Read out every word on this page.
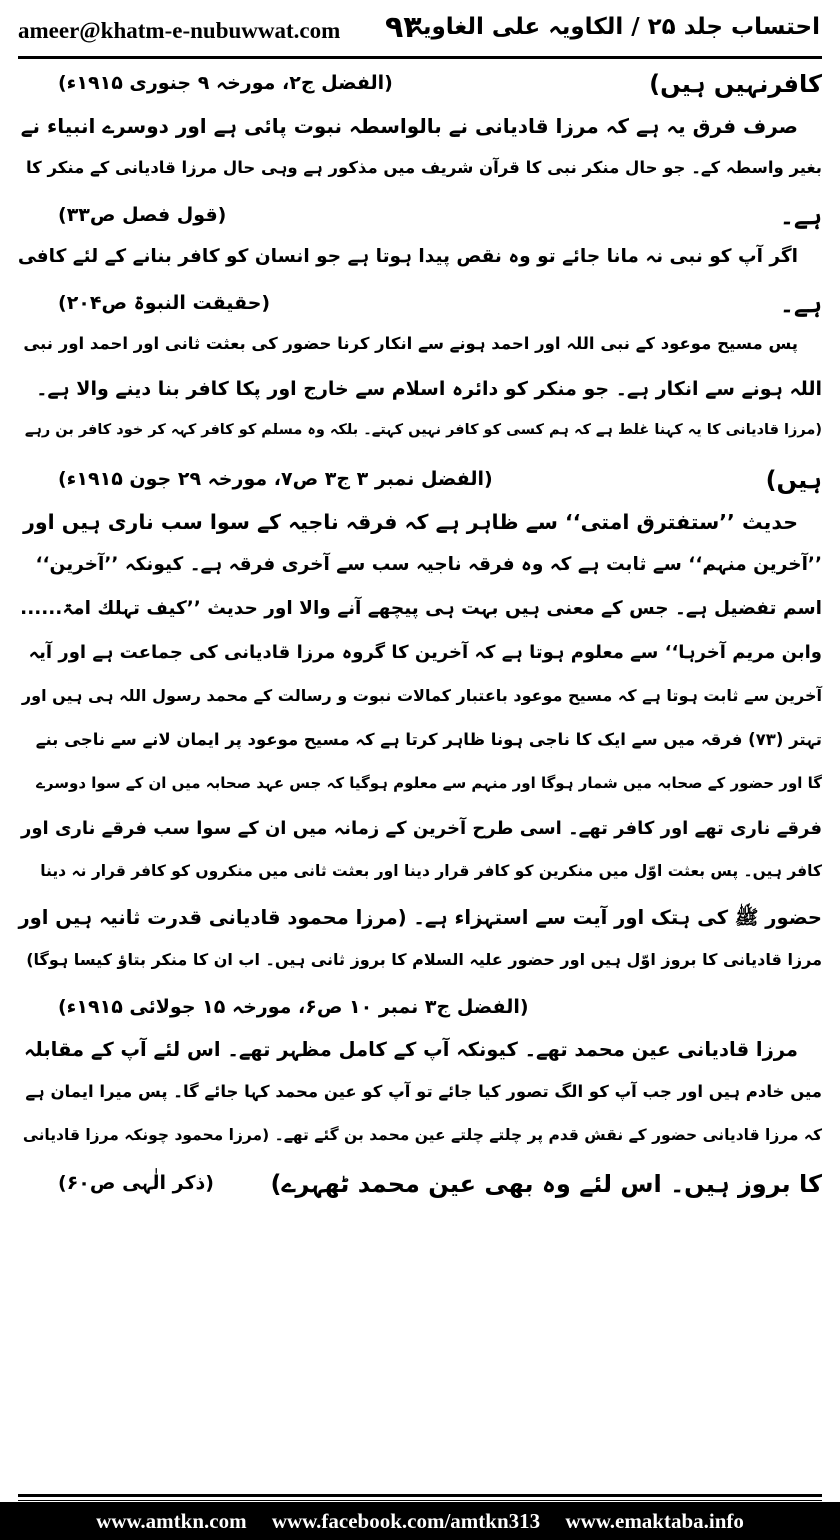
ameer@khatm-e-nubuwwat.com ۹۳
احتساب جلد ۲۵ / الکاویہ علی الغاویہ
کافرنہیں ہیں)
(الفضل ج۲، مورخہ ۹ جنوری ۱۹۱۵ء)
صرف فرق یہ ہے کہ مرزا قادیانی نے بالواسطہ نبوت پائی ہے اور دوسرے انبیاء نے
بغیر واسطہ کے۔ جو حال منکر نبی کا قرآن شریف میں مذکور ہے وہی حال مرزا قادیانی کے منکر کا
ہے۔
(قول فصل ص۳۳)
اگر آپ کو نبی نہ مانا جائے تو وہ نقص پیدا ہوتا ہے جو انسان کو کافر بنانے کے لئے کافی
ہے۔
(حقیقت النبوۃ ص۲۰۴)
پس مسیح موعود کے نبی اللہ اور احمد ہونے سے انکار کرنا حضور کی بعثت ثانی اور احمد اور نبی
اللہ ہونے سے انکار ہے۔ جو منکر کو دائرہ اسلام سے خارج اور پکا کافر بنا دینے والا ہے۔
(مرزا قادیانی کا یہ کہنا غلط ہے کہ ہم کسی کو کافر نہیں کہتے۔ بلکہ وہ مسلم کو کافر کہہ کر خود کافر بن رہے
ہیں)
(الفضل نمبر ۳ ج۳ ص۷، مورخہ ۲۹ جون ۱۹۱۵ء)
حدیث ’’ستفترق امتی‘‘ سے ظاہر ہے کہ فرقہ ناجیہ کے سوا سب ناری ہیں اور
’’آخرین منہم‘‘ سے ثابت ہے کہ وہ فرقہ ناجیہ سب سے آخری فرقہ ہے۔ کیونکہ ’’آخرین‘‘
اسم تفضیل ہے۔ جس کے معنی ہیں بہت ہی پیچھے آنے والا اور حدیث ’’کیف تہلك امۃ......
وابن مریم آخرہا‘‘ سے معلوم ہوتا ہے کہ آخرین کا گروہ مرزا قادیانی کی جماعت ہے اور آیہ
آخرین سے ثابت ہوتا ہے کہ مسیح موعود باعتبار کمالات نبوت و رسالت کے محمد رسول اللہ ہی ہیں اور
تہتر (۷۳) فرقہ میں سے ایک کا ناجی ہونا ظاہر کرتا ہے کہ مسیح موعود پر ایمان لانے سے ناجی بنے
گا اور حضور کے صحابہ میں شمار ہوگا اور منہم سے معلوم ہوگیا کہ جس عہد صحابہ میں ان کے سوا دوسرے
فرقے ناری تھے اور کافر تھے۔ اسی طرح آخرین کے زمانہ میں ان کے سوا سب فرقے ناری اور
کافر ہیں۔ پس بعثت اوّل میں منکرین کو کافر قرار دینا اور بعثت ثانی میں منکروں کو کافر قرار نہ دینا
حضور ﷺ کی ہتک اور آیت سے استہزاء ہے۔ (مرزا محمود قادیانی قدرت ثانیہ ہیں اور
مرزا قادیانی کا بروز اوّل ہیں اور حضور علیہ السلام کا بروز ثانی ہیں۔ اب ان کا منکر بتاؤ کیسا ہوگا)
(الفضل ج۳ نمبر ۱۰ ص۶، مورخہ ۱۵ جولائی ۱۹۱۵ء)
مرزا قادیانی عین محمد تھے۔ کیونکہ آپ کے کامل مظہر تھے۔ اس لئے آپ کے مقابلہ
میں خادم ہیں اور جب آپ کو الگ تصور کیا جائے تو آپ کو عین محمد کہا جائے گا۔ پس میرا ایمان ہے
کہ مرزا قادیانی حضور کے نقش قدم پر چلتے چلتے عین محمد بن گئے تھے۔ (مرزا محمود چونکہ مرزا قادیانی
کا بروز ہیں۔ اس لئے وہ بھی عین محمد ٹھہرے)
(ذکر الٰہی ص۶۰)
www.amtkn.com www.facebook.com/amtkn313 www.emaktaba.info
